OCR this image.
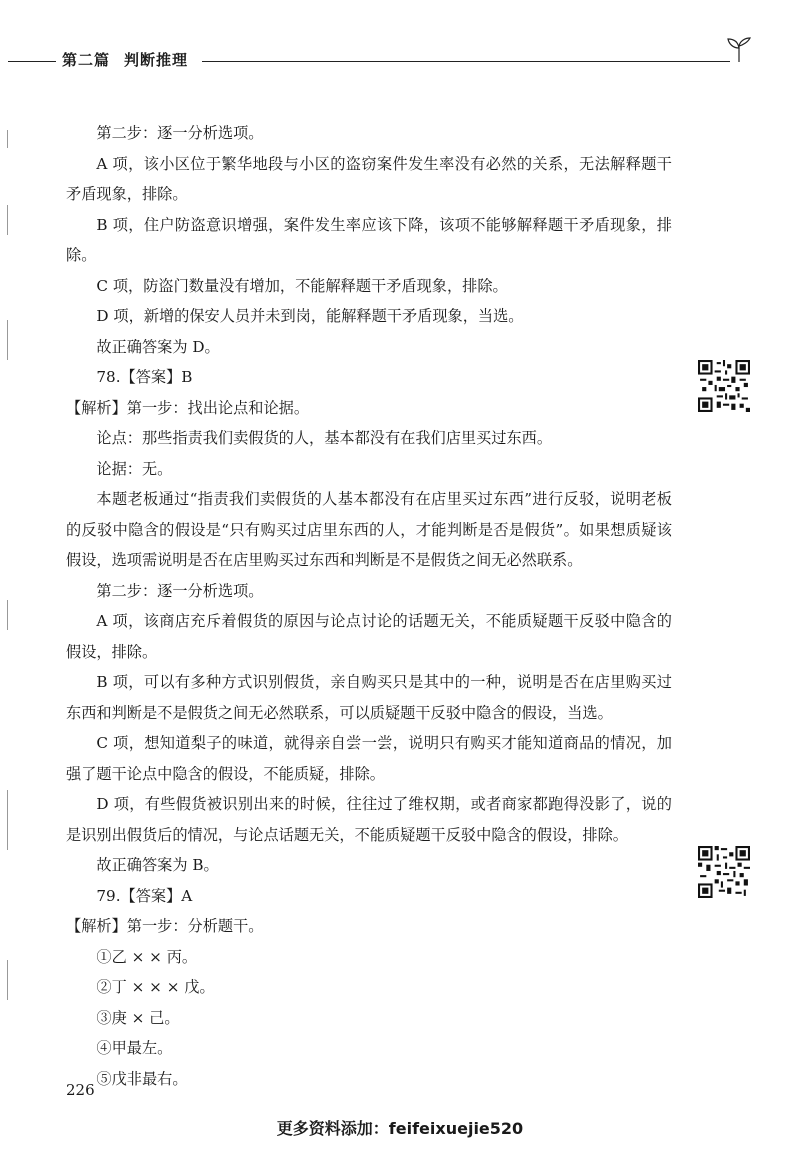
第二篇 判断推理

第二步：逐一分析选项。

A 项，该小区位于繁华地段与小区的盗窃案件发生率没有必然的关系，无法解释题干矛盾现象，排除。

B 项，住户防盗意识增强，案件发生率应该下降，该项不能够解释题干矛盾现象，排除。

C 项，防盗门数量没有增加，不能解释题干矛盾现象，排除。

D 项，新增的保安人员并未到岗，能解释题干矛盾现象，当选。

故正确答案为 D。

78.【答案】B

【解析】第一步：找出论点和论据。

论点：那些指责我们卖假货的人，基本都没有在我们店里买过东西。

论据：无。

本题老板通过“指责我们卖假货的人基本都没有在店里买过东西”进行反驳，说明老板的反驳中隐含的假设是“只有购买过店里东西的人，才能判断是否是假货”。如果想质疑该假设，选项需说明是否在店里购买过东西和判断是不是假货之间无必然联系。

第二步：逐一分析选项。

A 项，该商店充斥着假货的原因与论点讨论的话题无关，不能质疑题干反驳中隐含的假设，排除。

B 项，可以有多种方式识别假货，亲自购买只是其中的一种，说明是否在店里购买过东西和判断是不是假货之间无必然联系，可以质疑题干反驳中隐含的假设，当选。

C 项，想知道梨子的味道，就得亲自尝一尝，说明只有购买才能知道商品的情况，加强了题干论点中隐含的假设，不能质疑，排除。

D 项，有些假货被识别出来的时候，往往过了维权期，或者商家都跑得没影了，说的是识别出假货后的情况，与论点话题无关，不能质疑题干反驳中隐含的假设，排除。

故正确答案为 B。

79.【答案】A

【解析】第一步：分析题干。

①乙 × × 丙。

②丁 × × × 戊。

③庚 × 己。

④甲最左。

⑤戊非最右。

226
更多资料添加：feifeixuejie520
